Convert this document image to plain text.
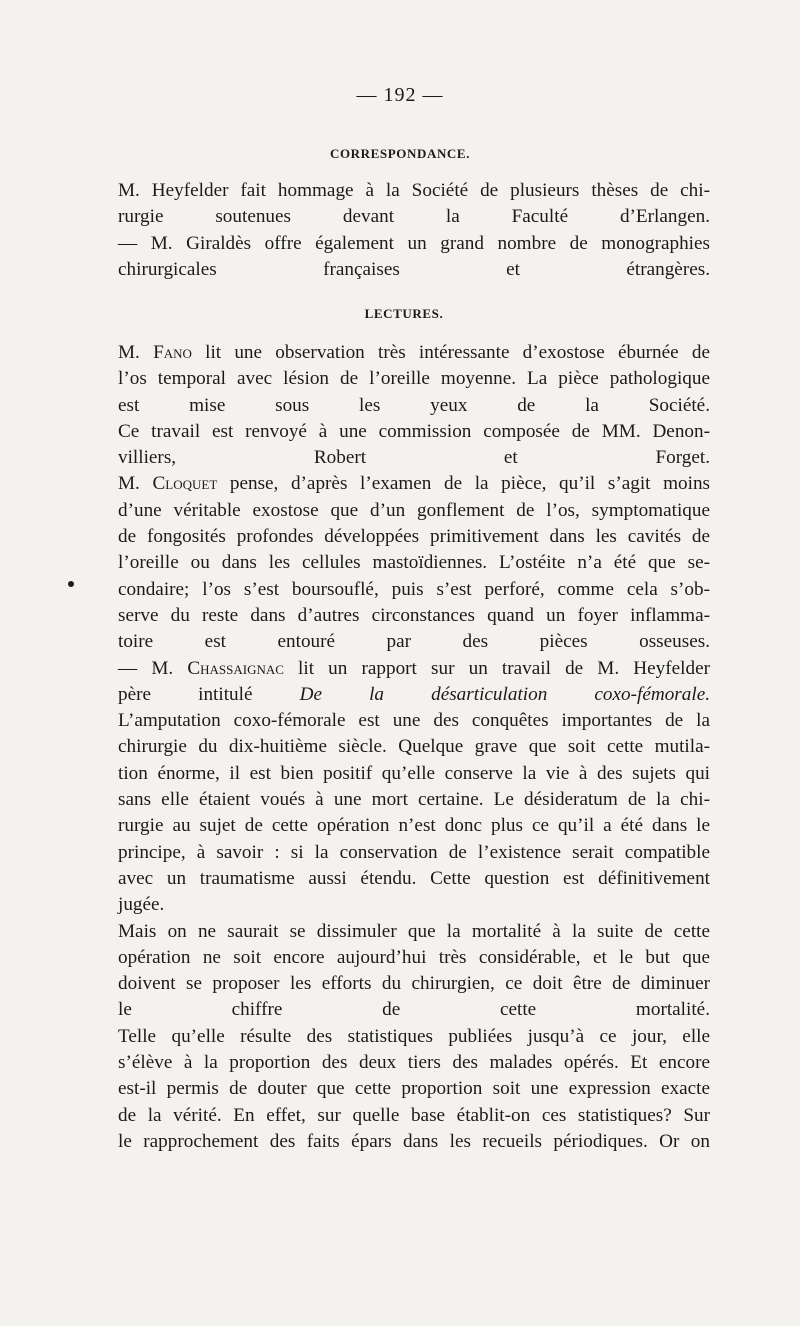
— 192 —
CORRESPONDANCE.
M. Heyfelder fait hommage à la Société de plusieurs thèses de chi-
rurgie soutenues devant la Faculté d’Erlangen.
— M. Giraldès offre également un grand nombre de monographies
chirurgicales françaises et étrangères.
LECTURES.
M. Fano lit une observation très intéressante d’exostose éburnée de
l’os temporal avec lésion de l’oreille moyenne. La pièce pathologique
est mise sous les yeux de la Société.
Ce travail est renvoyé à une commission composée de MM. Denon-
villiers, Robert et Forget.
M. Cloquet pense, d’après l’examen de la pièce, qu’il s’agit moins
d’une véritable exostose que d’un gonflement de l’os, symptomatique
de fongosités profondes développées primitivement dans les cavités de
l’oreille ou dans les cellules mastoïdiennes. L’ostéite n’a été que se-
condaire; l’os s’est boursouflé, puis s’est perforé, comme cela s’ob-
serve du reste dans d’autres circonstances quand un foyer inflamma-
toire est entouré par des pièces osseuses.
— M. Chassaignac lit un rapport sur un travail de M. Heyfelder
père intitulé De la désarticulation coxo-fémorale.
L’amputation coxo-fémorale est une des conquêtes importantes de la
chirurgie du dix-huitième siècle. Quelque grave que soit cette mutila-
tion énorme, il est bien positif qu’elle conserve la vie à des sujets qui
sans elle étaient voués à une mort certaine. Le désideratum de la chi-
rurgie au sujet de cette opération n’est donc plus ce qu’il a été dans le
principe, à savoir : si la conservation de l’existence serait compatible
avec un traumatisme aussi étendu. Cette question est définitivement
jugée.
Mais on ne saurait se dissimuler que la mortalité à la suite de cette
opération ne soit encore aujourd’hui très considérable, et le but que
doivent se proposer les efforts du chirurgien, ce doit être de diminuer
le chiffre de cette mortalité.
Telle qu’elle résulte des statistiques publiées jusqu’à ce jour, elle
s’élève à la proportion des deux tiers des malades opérés. Et encore
est-il permis de douter que cette proportion soit une expression exacte
de la vérité. En effet, sur quelle base établit-on ces statistiques? Sur
le rapprochement des faits épars dans les recueils périodiques. Or on
